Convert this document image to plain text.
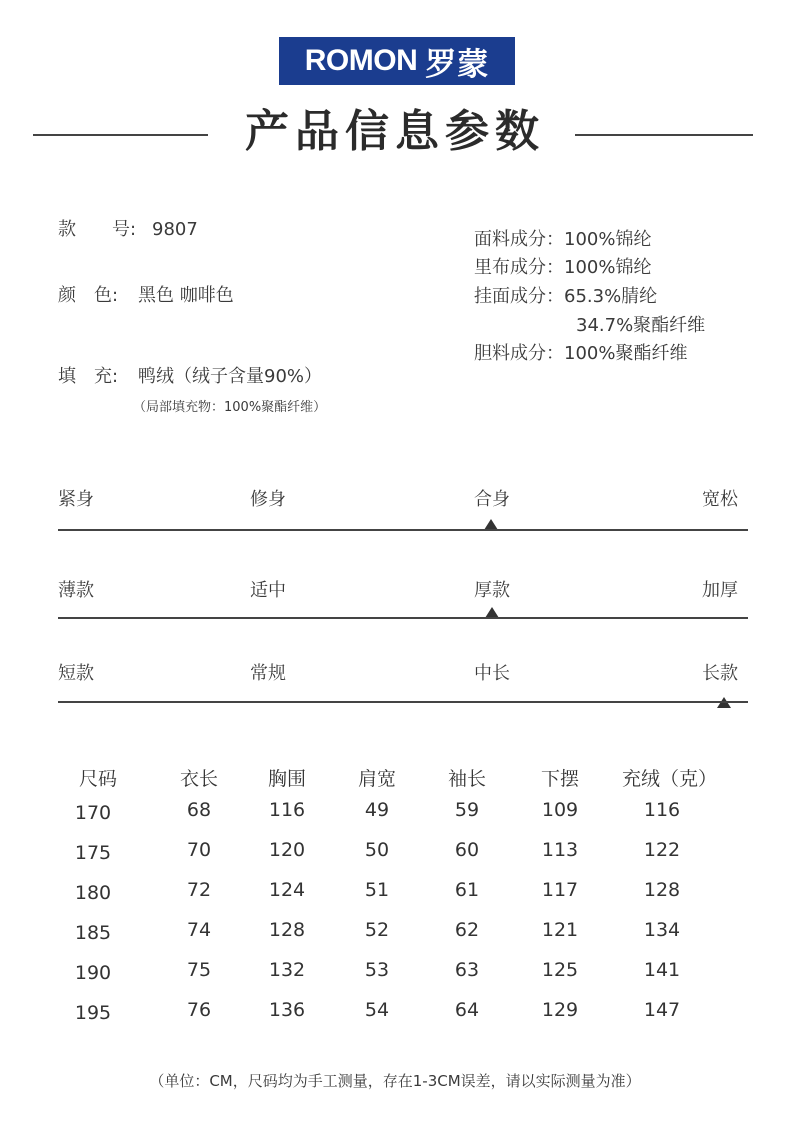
ROMON 罗蒙
产品信息参数
款　　号: 9807
颜　色: 黑色 咖啡色
填　充: 鸭绒（绒子含量90%）
（局部填充物：100%聚酯纤维）
面料成分：100%锦纶
里布成分：100%锦纶
挂面成分：65.3%腈纶
34.7%聚酯纤维
胆料成分：100%聚酯纤维
紧身	修身	合身	宽松
薄款	适中	厚款	加厚
短款	常规	中长	长款
尺码	衣长	胸围	肩宽	袖长	下摆	充绒（克）
170	68	116	49	59	109	116
175	70	120	50	60	113	122
180	72	124	51	61	117	128
185	74	128	52	62	121	134
190	75	132	53	63	125	141
195	76	136	54	64	129	147
（单位：CM，尺码均为手工测量，存在1-3CM误差，请以实际测量为准）
